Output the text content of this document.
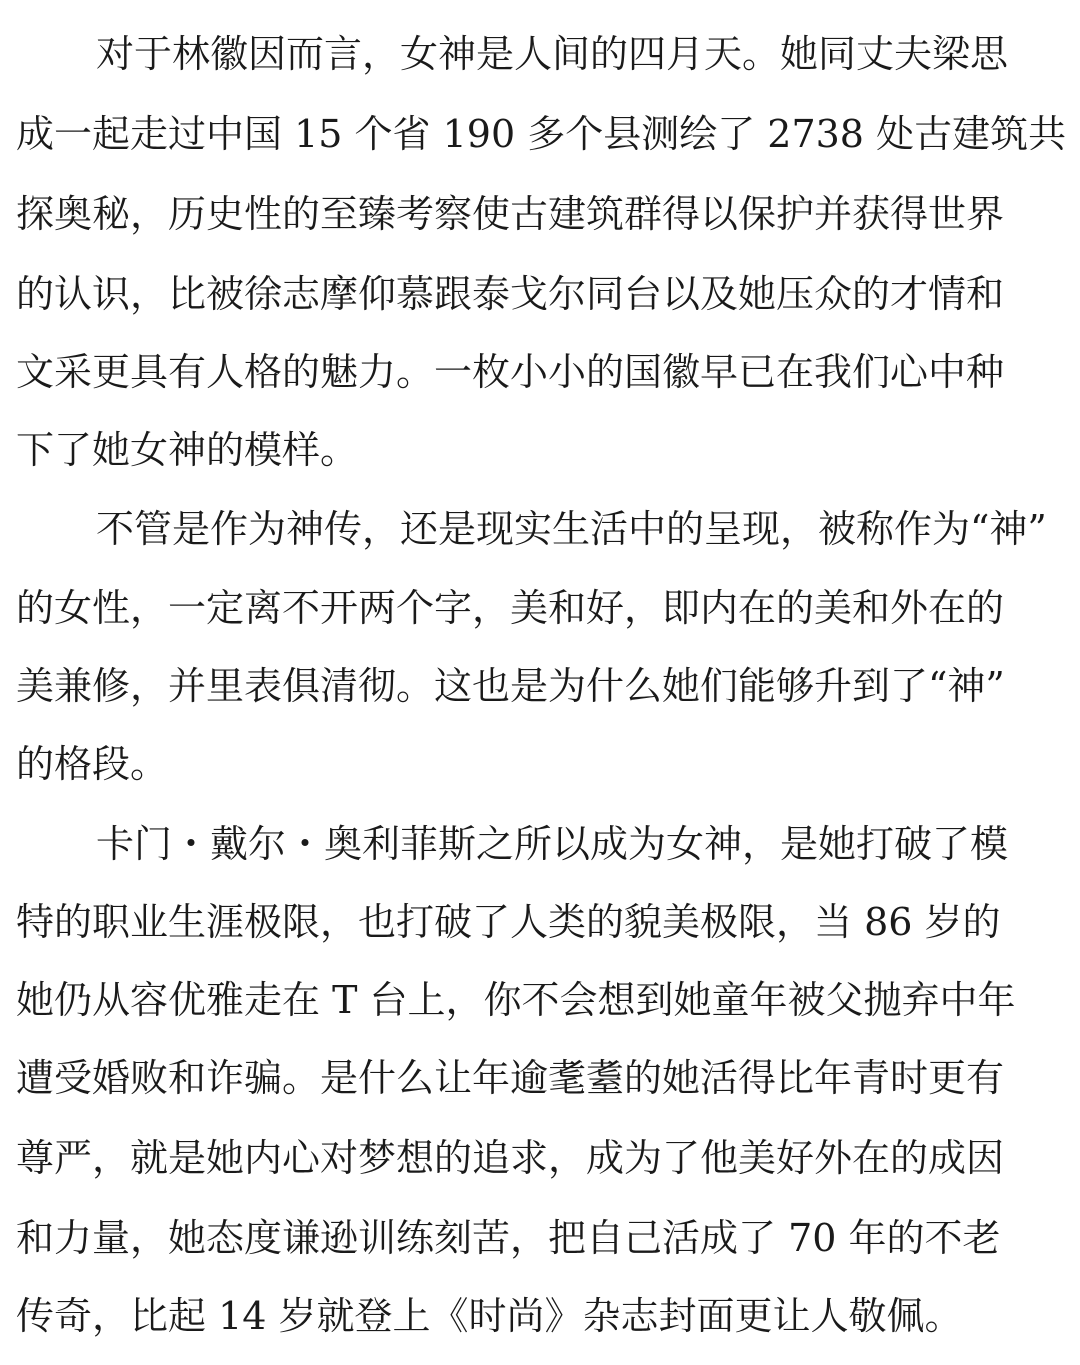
对于林徽因而言，女神是人间的四月天。她同丈夫梁思
成一起走过中国 15 个省 190 多个县测绘了 2738 处古建筑共
探奥秘，历史性的至臻考察使古建筑群得以保护并获得世界
的认识，比被徐志摩仰慕跟泰戈尔同台以及她压众的才情和
文采更具有人格的魅力。一枚小小的国徽早已在我们心中种
下了她女神的模样。
不管是作为神传，还是现实生活中的呈现，被称作为“神”
的女性，一定离不开两个字，美和好，即内在的美和外在的
美兼修，并里表俱清彻。这也是为什么她们能够升到了“神”
的格段。
卡门・戴尔・奥利菲斯之所以成为女神，是她打破了模
特的职业生涯极限，也打破了人类的貌美极限，当 86 岁的
她仍从容优雅走在 T 台上，你不会想到她童年被父抛弃中年
遭受婚败和诈骗。是什么让年逾耄耋的她活得比年青时更有
尊严，就是她内心对梦想的追求，成为了他美好外在的成因
和力量，她态度谦逊训练刻苦，把自己活成了 70 年的不老
传奇，比起 14 岁就登上《时尚》杂志封面更让人敬佩。
